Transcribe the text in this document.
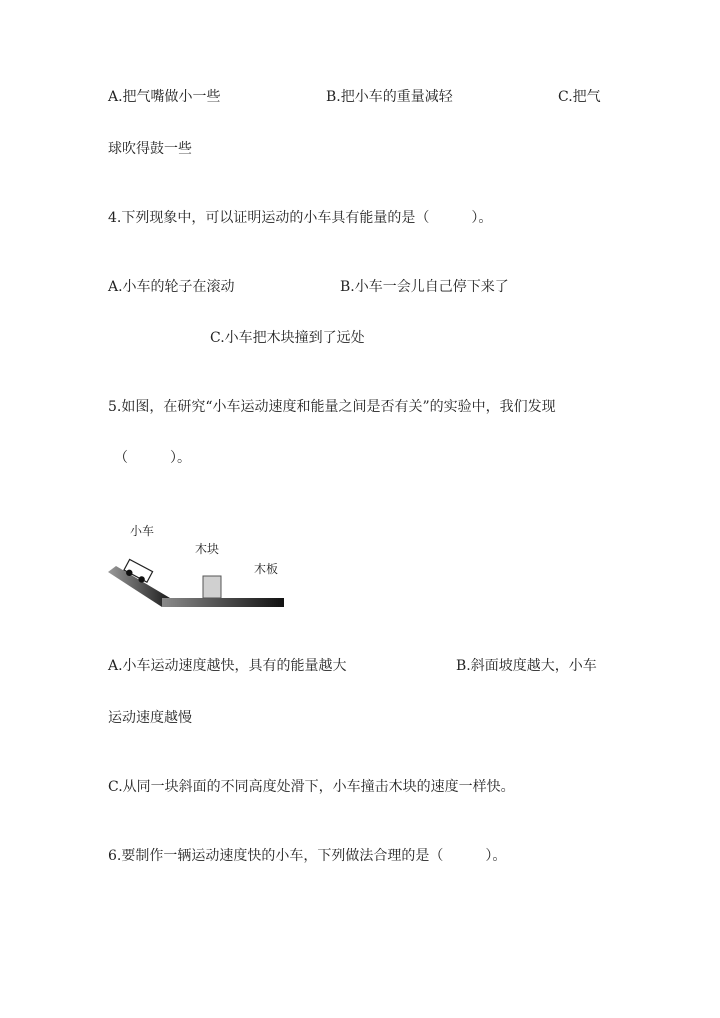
A.把气嘴做小一些	B.把小车的重量减轻	C.把气
球吹得鼓一些
4.下列现象中，可以证明运动的小车具有能量的是（　　　）。
A.小车的轮子在滚动	B.小车一会儿自己停下来了
C.小车把木块撞到了远处
5.如图，在研究“小车运动速度和能量之间是否有关”的实验中，我们发现
（　　　）。
小车
木块
木板
A.小车运动速度越快，具有的能量越大	B.斜面坡度越大，小车
运动速度越慢
C.从同一块斜面的不同高度处滑下，小车撞击木块的速度一样快。
6.要制作一辆运动速度快的小车，下列做法合理的是（　　　）。
